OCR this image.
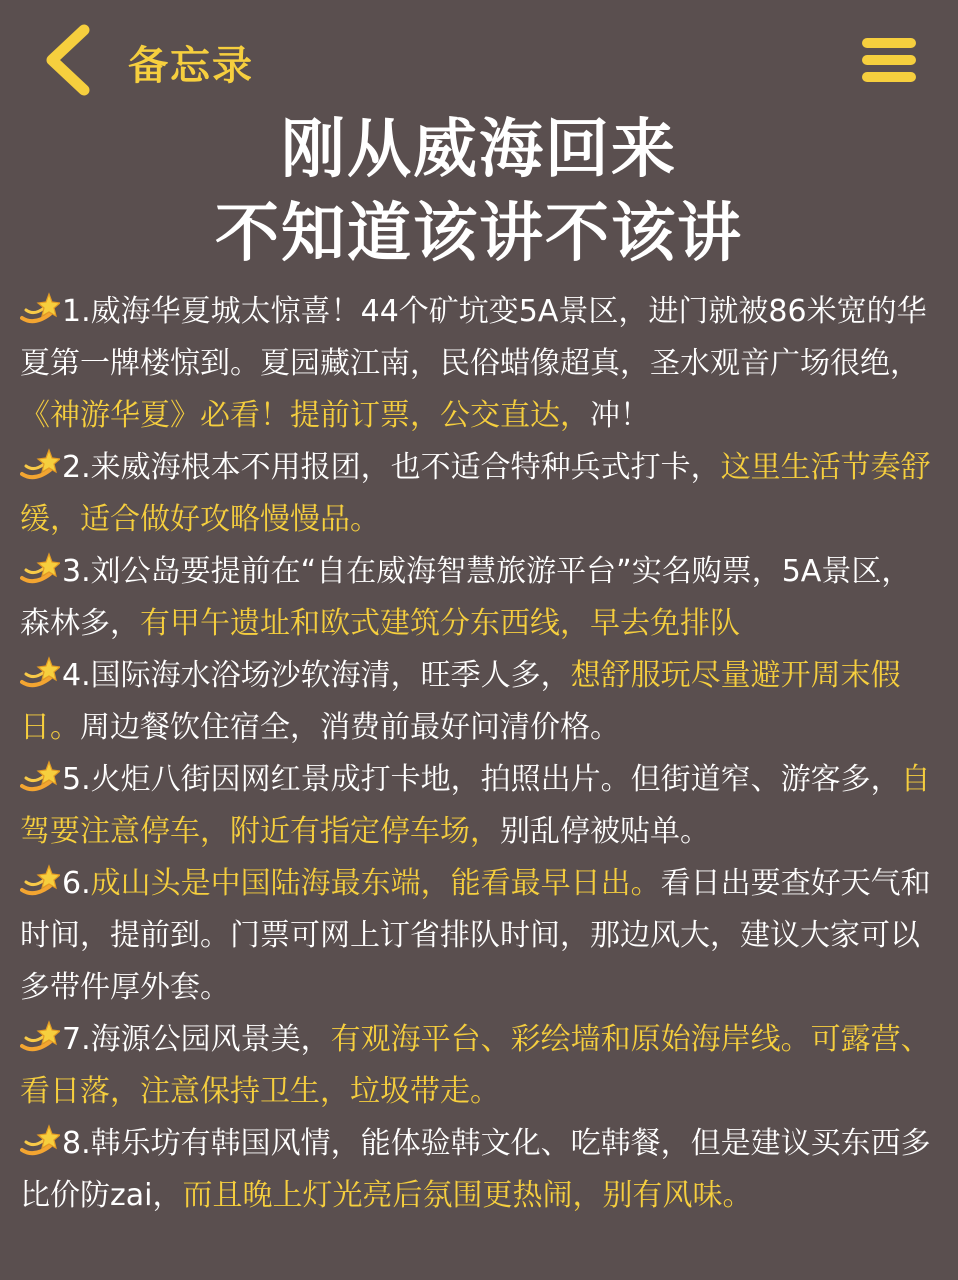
备忘录
刚从威海回来
不知道该讲不该讲
1.威海华夏城太惊喜！44个矿坑变5A景区，进门就被86米宽的华夏第一牌楼惊到。夏园藏江南，民俗蜡像超真，圣水观音广场很绝，《神游华夏》必看！提前订票，公交直达，冲！
2.来威海根本不用报团，也不适合特种兵式打卡，这里生活节奏舒缓，适合做好攻略慢慢品。
3.刘公岛要提前在“自在威海智慧旅游平台”实名购票，5A景区，森林多，有甲午遗址和欧式建筑分东西线，早去免排队
4.国际海水浴场沙软海清，旺季人多，想舒服玩尽量避开周末假日。周边餐饮住宿全，消费前最好问清价格。
5.火炬八街因网红景成打卡地，拍照出片。但街道窄、游客多，自驾要注意停车，附近有指定停车场，别乱停被贴单。
6.成山头是中国陆海最东端，能看最早日出。看日出要查好天气和时间，提前到。门票可网上订省排队时间，那边风大，建议大家可以多带件厚外套。
7.海源公园风景美，有观海平台、彩绘墙和原始海岸线。可露营、看日落，注意保持卫生，垃圾带走。
8.韩乐坊有韩国风情，能体验韩文化、吃韩餐，但是建议买东西多比价防zai，而且晚上灯光亮后氛围更热闹，别有风味。
